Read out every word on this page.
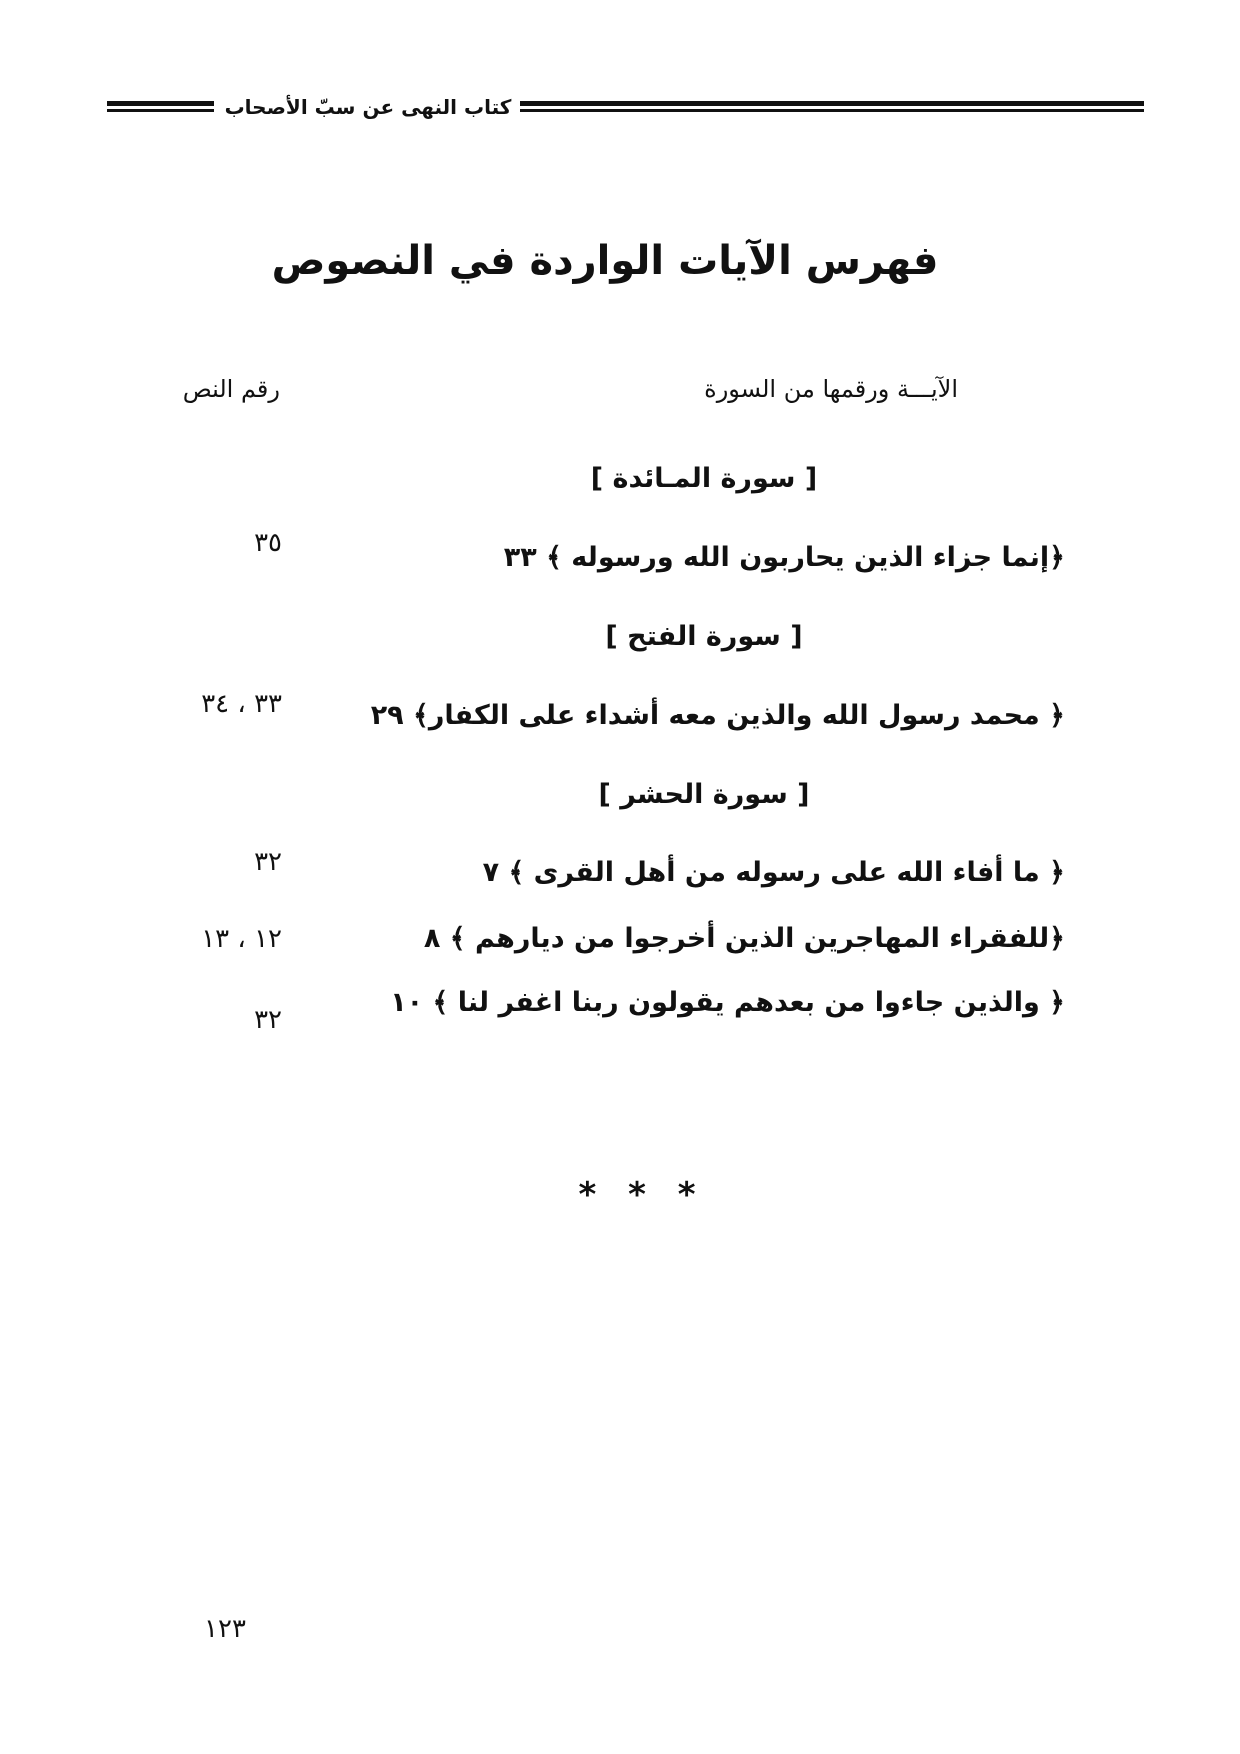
كتاب النهى عن سبّ الأصحاب
فهرس الآيات الواردة في النصوص
الآيـــة ورقمها من السورة
رقم النص
[ سورة المـائدة ]
﴿إنما جزاء الذين يحاربون الله ورسوله ﴾ ٣٣
٣٥
[ سورة الفتح ]
﴿ محمد رسول الله والذين معه أشداء على الكفار﴾ ٢٩
٣٣ ، ٣٤
[ سورة الحشر ]
﴿ ما أفاء الله على رسوله من أهل القرى ﴾ ٧
٣٢
﴿للفقراء المهاجرين الذين أخرجوا من ديارهم ﴾ ٨
١٢ ، ١٣
﴿ والذين جاءوا من بعدهم يقولون ربنا اغفر لنا ﴾ ١٠
٣٢
* * *
١٢٣
